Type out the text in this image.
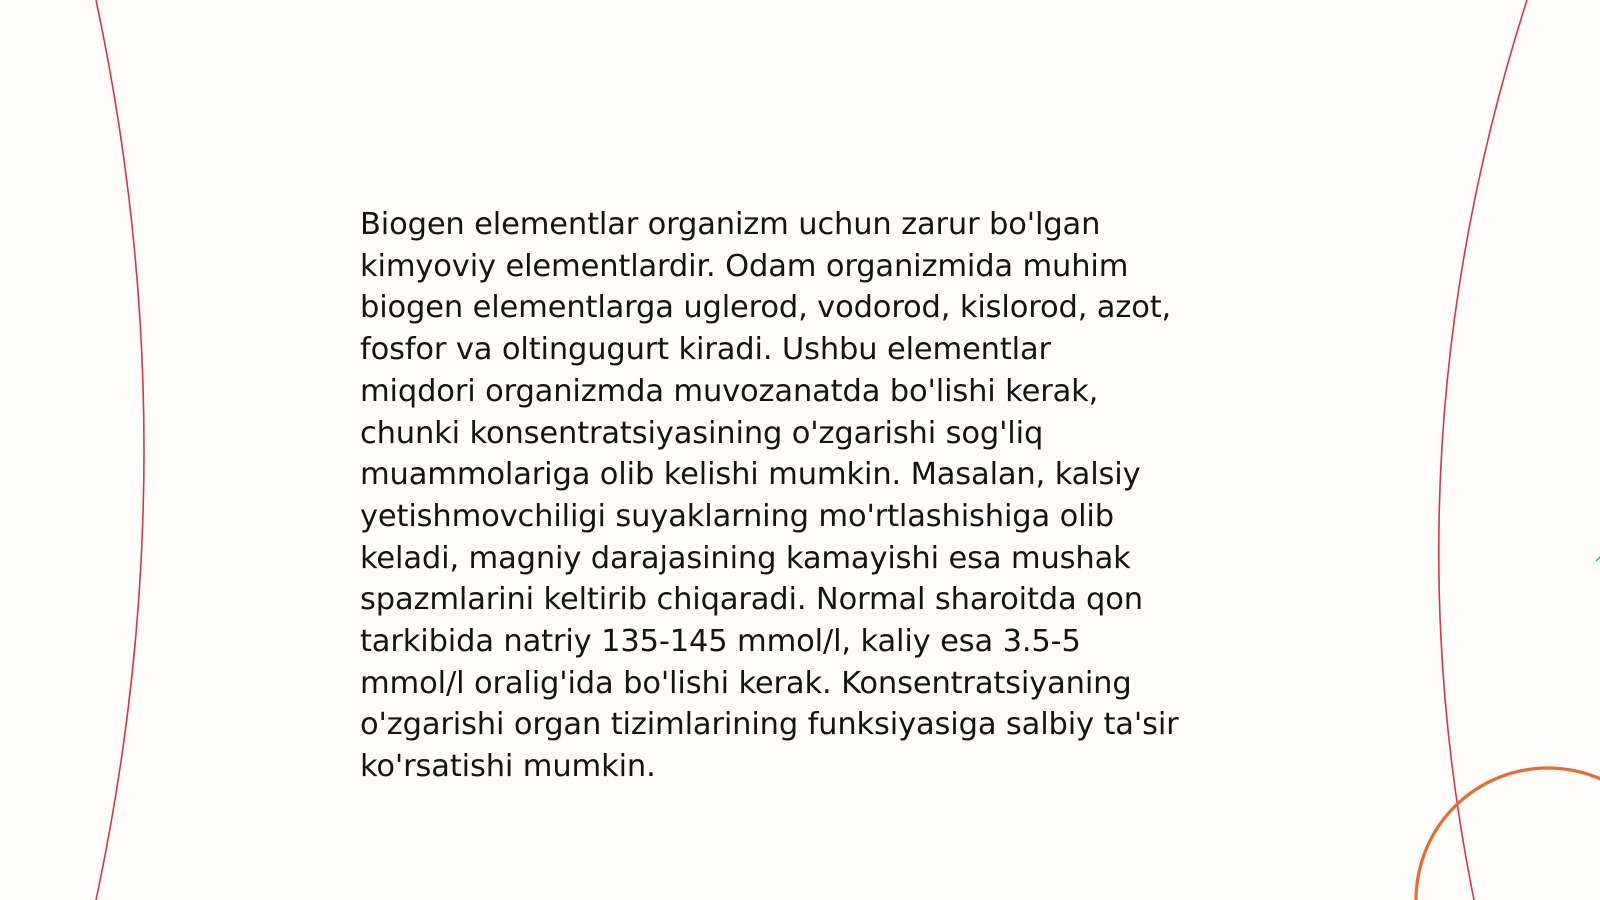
Biogen elementlar organizm uchun zarur bo'lgan
kimyoviy elementlardir. Odam organizmida muhim
biogen elementlarga uglerod, vodorod, kislorod, azot,
fosfor va oltingugurt kiradi. Ushbu elementlar
miqdori organizmda muvozanatda bo'lishi kerak,
chunki konsentratsiyasining o'zgarishi sog'liq
muammolariga olib kelishi mumkin. Masalan, kalsiy
yetishmovchiligi suyaklarning mo'rtlashishiga olib
keladi, magniy darajasining kamayishi esa mushak
spazmlarini keltirib chiqaradi. Normal sharoitda qon
tarkibida natriy 135-145 mmol/l, kaliy esa 3.5-5
mmol/l oralig'ida bo'lishi kerak. Konsentratsiyaning
o'zgarishi organ tizimlarining funksiyasiga salbiy ta'sir
ko'rsatishi mumkin.
